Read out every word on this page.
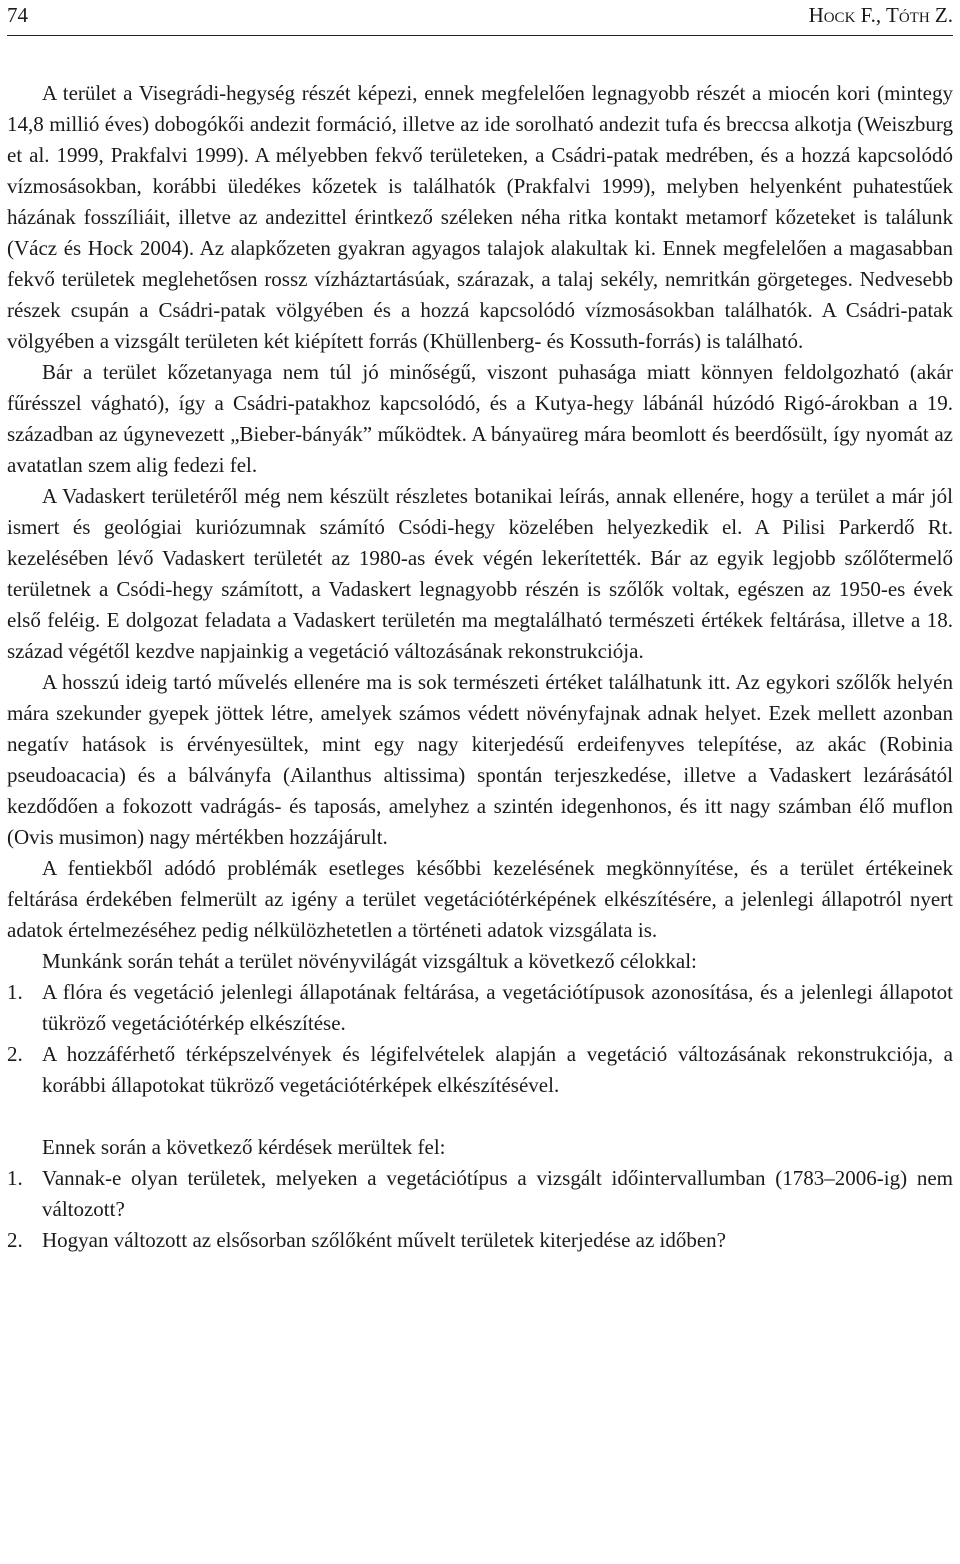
74	Hock F., Tóth Z.

A terület a Visegrádi-hegység részét képezi, ennek megfelelően legnagyobb részét a miocén kori (mintegy 14,8 millió éves) dobogókői andezit formáció, illetve az ide sorolható andezit tufa és breccsa alkotja (Weiszburg et al. 1999, Prakfalvi 1999). A mélyebben fekvő területeken, a Csádri-patak medrében, és a hozzá kapcsolódó vízmosásokban, korábbi üledékes kőzetek is találhatók (Prakfalvi 1999), melyben helyenként puhatestűek házának fosszíliáit, illetve az andezittel érintkező széleken néha ritka kontakt metamorf kőzeteket is találunk (Vácz és Hock 2004). Az alapkőzeten gyakran agyagos talajok alakultak ki. Ennek megfelelően a magasabban fekvő területek meglehetősen rossz vízháztartásúak, szárazak, a talaj sekély, nemritkán görgeteges. Nedvesebb részek csupán a Csádri-patak völgyében és a hozzá kapcsolódó vízmosásokban találhatók. A Csádri-patak völgyében a vizsgált területen két kiépített forrás (Khüllenberg- és Kossuth-forrás) is található.

Bár a terület kőzetanyaga nem túl jó minőségű, viszont puhasága miatt könnyen feldolgozható (akár fűrésszel vágható), így a Csádri-patakhoz kapcsolódó, és a Kutya-hegy lábánál húzódó Rigó-árokban a 19. században az úgynevezett „Bieber-bányák” működtek. A bányaüreg mára beomlott és beerdősült, így nyomát az avatatlan szem alig fedezi fel.

A Vadaskert területéről még nem készült részletes botanikai leírás, annak ellenére, hogy a terület a már jól ismert és geológiai kuriózumnak számító Csódi-hegy közelében helyezkedik el. A Pilisi Parkerdő Rt. kezelésében lévő Vadaskert területét az 1980-as évek végén lekerítették. Bár az egyik legjobb szőlőtermelő területnek a Csódi-hegy számított, a Vadaskert legnagyobb részén is szőlők voltak, egészen az 1950-es évek első feléig. E dolgozat feladata a Vadaskert területén ma megtalálható természeti értékek feltárása, illetve a 18. század végétől kezdve napjainkig a vegetáció változásának rekonstrukciója.

A hosszú ideig tartó művelés ellenére ma is sok természeti értéket találhatunk itt. Az egykori szőlők helyén mára szekunder gyepek jöttek létre, amelyek számos védett növényfajnak adnak helyet. Ezek mellett azonban negatív hatások is érvényesültek, mint egy nagy kiterjedésű erdeifenyves telepítése, az akác (Robinia pseudoacacia) és a bálványfa (Ailanthus altissima) spontán terjeszkedése, illetve a Vadaskert lezárásától kezdődően a fokozott vadrágás- és taposás, amelyhez a szintén idegenhonos, és itt nagy számban élő muflon (Ovis musimon) nagy mértékben hozzájárult.

A fentiekből adódó problémák esetleges későbbi kezelésének megkönnyítése, és a terület értékeinek feltárása érdekében felmerült az igény a terület vegetációtérképének elkészítésére, a jelenlegi állapotról nyert adatok értelmezéséhez pedig nélkülözhetetlen a történeti adatok vizsgálata is.

Munkánk során tehát a terület növényvilágát vizsgáltuk a következő célokkal:

1. A flóra és vegetáció jelenlegi állapotának feltárása, a vegetációtípusok azonosítása, és a jelenlegi állapotot tükröző vegetációtérkép elkészítése.
2. A hozzáférhető térképszelvények és légifelvételek alapján a vegetáció változásának rekonstrukciója, a korábbi állapotokat tükröző vegetációtérképek elkészítésével.

Ennek során a következő kérdések merültek fel:

1. Vannak-e olyan területek, melyeken a vegetációtípus a vizsgált időintervallumban (1783–2006-ig) nem változott?
2. Hogyan változott az elsősorban szőlőként művelt területek kiterjedése az időben?
